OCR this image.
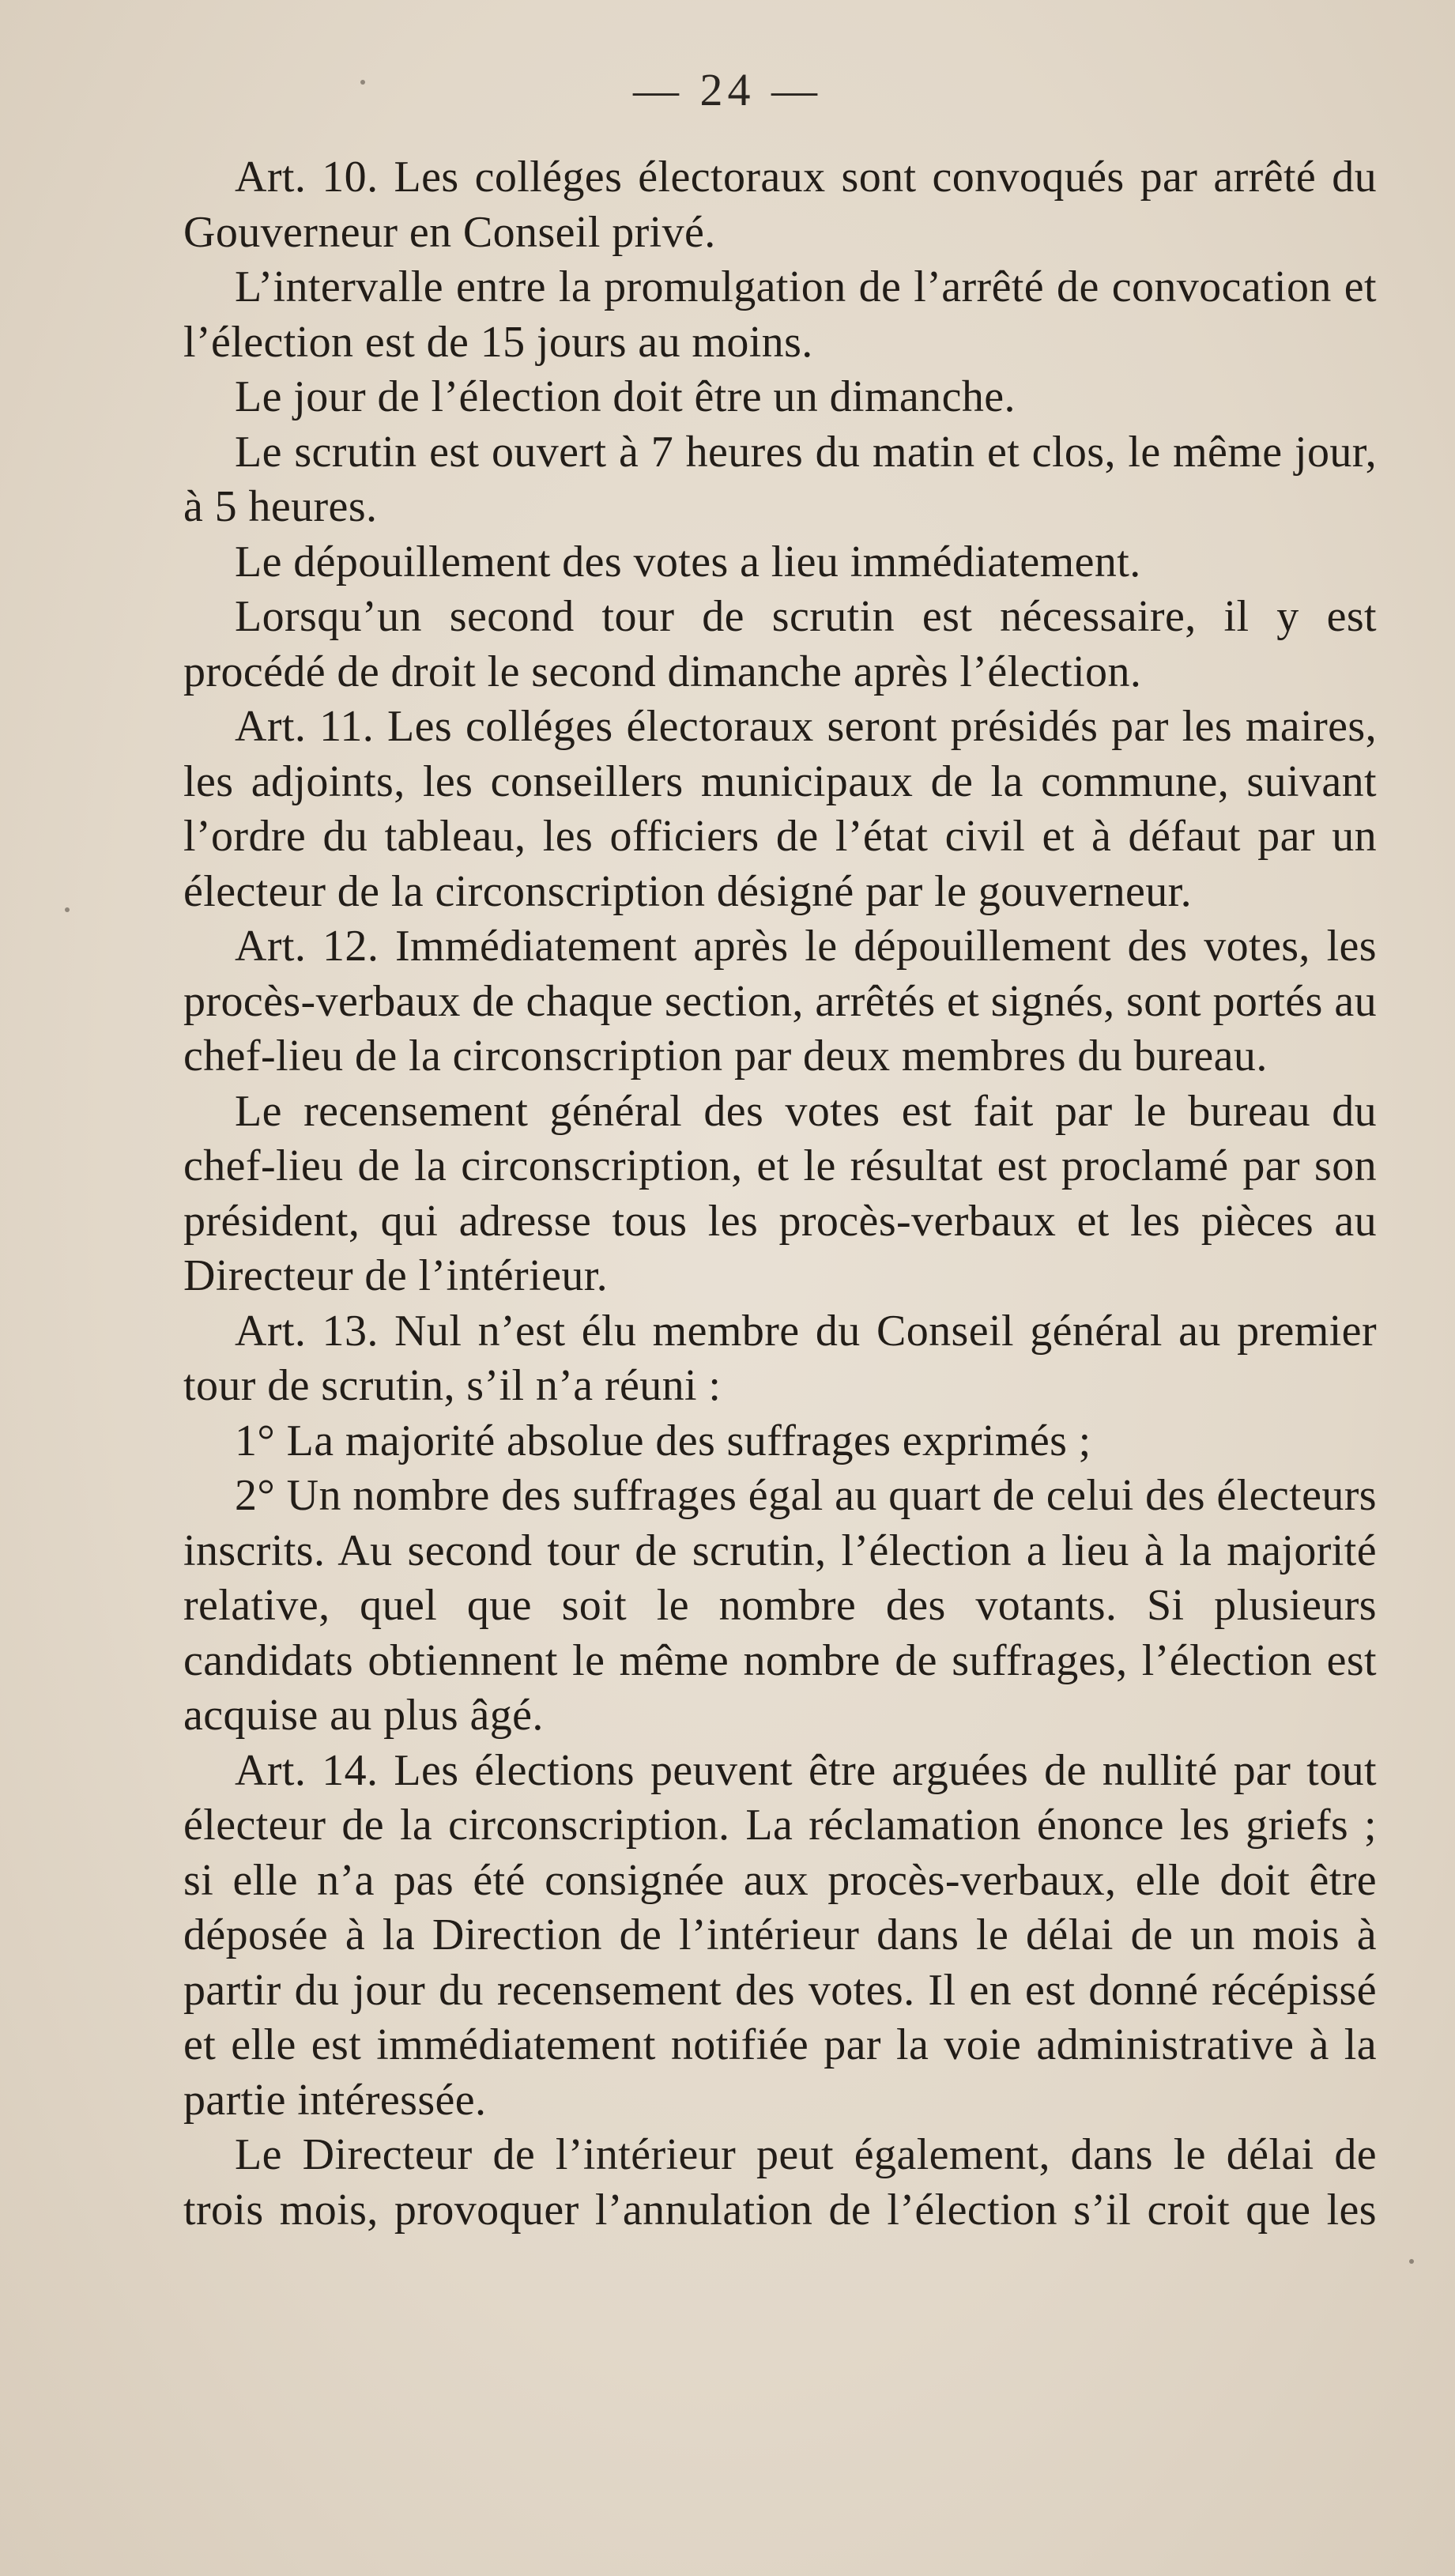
— 24 —

Art. 10. Les colléges électoraux sont convoqués par arrêté du Gouverneur en Conseil privé.

L’intervalle entre la promulgation de l’arrêté de convocation et l’élection est de 15 jours au moins.

Le jour de l’élection doit être un dimanche.

Le scrutin est ouvert à 7 heures du matin et clos, le même jour, à 5 heures.

Le dépouillement des votes a lieu immédiatement.

Lorsqu’un second tour de scrutin est nécessaire, il y est procédé de droit le second dimanche après l’élection.

Art. 11. Les colléges électoraux seront présidés par les maires, les adjoints, les conseillers municipaux de la commune, suivant l’ordre du tableau, les officiers de l’état civil et à défaut par un électeur de la circonscription désigné par le gouverneur.

Art. 12. Immédiatement après le dépouillement des votes, les procès-verbaux de chaque section, arrêtés et signés, sont portés au chef-lieu de la circonscription par deux membres du bureau.

Le recensement général des votes est fait par le bureau du chef-lieu de la circonscription, et le résultat est proclamé par son président, qui adresse tous les procès-verbaux et les pièces au Directeur de l’intérieur.

Art. 13. Nul n’est élu membre du Conseil général au premier tour de scrutin, s’il n’a réuni :

1° La majorité absolue des suffrages exprimés ;

2° Un nombre des suffrages égal au quart de celui des électeurs inscrits. Au second tour de scrutin, l’élection a lieu à la majorité relative, quel que soit le nombre des votants. Si plusieurs candidats obtiennent le même nombre de suffrages, l’élection est acquise au plus âgé.

Art. 14. Les élections peuvent être arguées de nullité par tout électeur de la circonscription. La réclamation énonce les griefs ; si elle n’a pas été consignée aux procès-verbaux, elle doit être déposée à la Direction de l’intérieur dans le délai de un mois à partir du jour du recensement des votes. Il en est donné récépissé et elle est immédiatement notifiée par la voie administrative à la partie intéressée.

Le Directeur de l’intérieur peut également, dans le délai de trois mois, provoquer l’annulation de l’élection s’il croit que les
